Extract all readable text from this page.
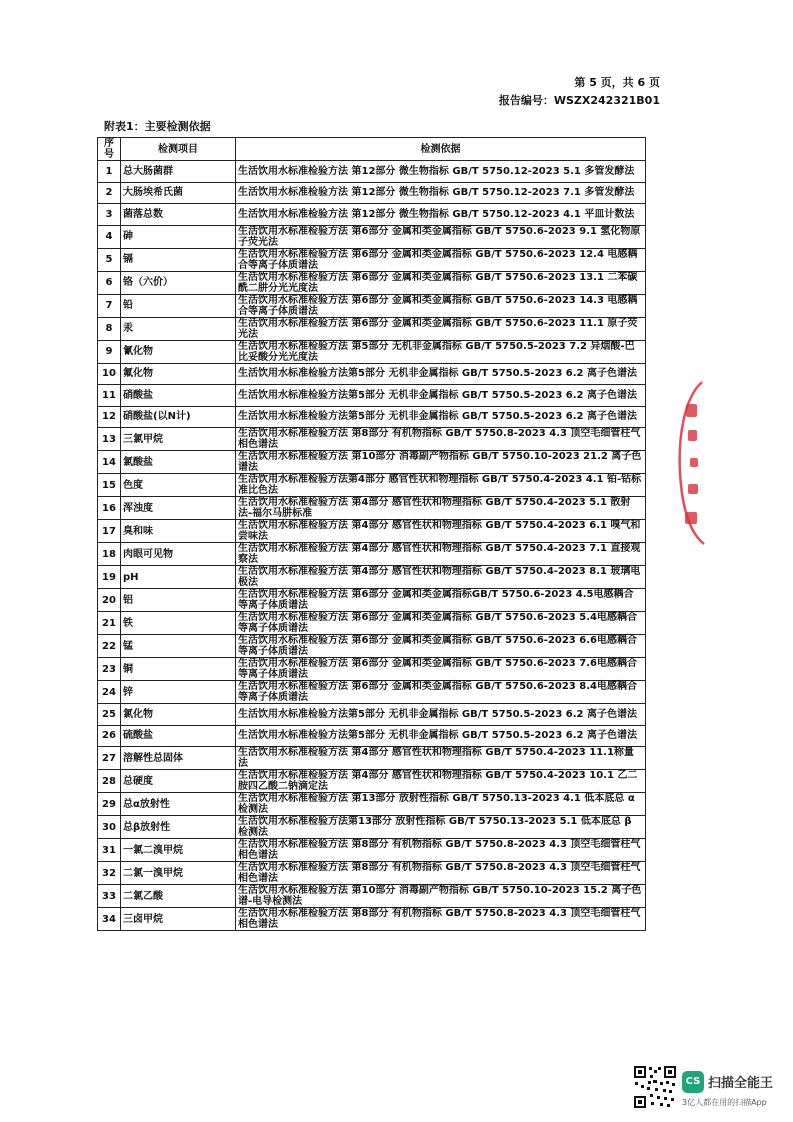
第 5 页，共 6 页
报告编号：WSZX242321B01
附表1：主要检测依据
序号	检测项目	检测依据
1	总大肠菌群	生活饮用水标准检验方法 第12部分 微生物指标 GB/T 5750.12-2023 5.1 多管发酵法
2	大肠埃希氏菌	生活饮用水标准检验方法 第12部分 微生物指标 GB/T 5750.12-2023 7.1 多管发酵法
3	菌落总数	生活饮用水标准检验方法 第12部分 微生物指标 GB/T 5750.12-2023 4.1 平皿计数法
4	砷	生活饮用水标准检验方法 第6部分 金属和类金属指标 GB/T 5750.6-2023 9.1 氢化物原子荧光法
5	镉	生活饮用水标准检验方法 第6部分 金属和类金属指标 GB/T 5750.6-2023 12.4 电感耦合等离子体质谱法
6	铬（六价）	生活饮用水标准检验方法 第6部分 金属和类金属指标 GB/T 5750.6-2023 13.1 二苯碳酰二肼分光光度法
7	铅	生活饮用水标准检验方法 第6部分 金属和类金属指标 GB/T 5750.6-2023 14.3 电感耦合等离子体质谱法
8	汞	生活饮用水标准检验方法 第6部分 金属和类金属指标 GB/T 5750.6-2023 11.1 原子荧光法
9	氰化物	生活饮用水标准检验方法 第5部分 无机非金属指标 GB/T 5750.5-2023 7.2 异烟酸-巴比妥酸分光光度法
10	氟化物	生活饮用水标准检验方法第5部分 无机非金属指标 GB/T 5750.5-2023 6.2 离子色谱法
11	硝酸盐	生活饮用水标准检验方法第5部分 无机非金属指标 GB/T 5750.5-2023 6.2 离子色谱法
12	硝酸盐(以N计)	生活饮用水标准检验方法第5部分 无机非金属指标 GB/T 5750.5-2023 6.2 离子色谱法
13	三氯甲烷	生活饮用水标准检验方法 第8部分 有机物指标 GB/T 5750.8-2023 4.3 顶空毛细管柱气相色谱法
14	氯酸盐	生活饮用水标准检验方法 第10部分 消毒副产物指标 GB/T 5750.10-2023 21.2 离子色谱法
15	色度	生活饮用水标准检验方法第4部分 感官性状和物理指标 GB/T 5750.4-2023 4.1 铂-钴标准比色法
16	浑浊度	生活饮用水标准检验方法 第4部分 感官性状和物理指标 GB/T 5750.4-2023 5.1 散射法-福尔马肼标准
17	臭和味	生活饮用水标准检验方法 第4部分 感官性状和物理指标 GB/T 5750.4-2023 6.1 嗅气和尝味法
18	肉眼可见物	生活饮用水标准检验方法 第4部分 感官性状和物理指标 GB/T 5750.4-2023 7.1 直接观察法
19	pH	生活饮用水标准检验方法 第4部分 感官性状和物理指标 GB/T 5750.4-2023 8.1 玻璃电极法
20	铝	生活饮用水标准检验方法 第6部分 金属和类金属指标GB/T 5750.6-2023 4.5电感耦合等离子体质谱法
21	铁	生活饮用水标准检验方法 第6部分 金属和类金属指标 GB/T 5750.6-2023 5.4电感耦合等离子体质谱法
22	锰	生活饮用水标准检验方法 第6部分 金属和类金属指标 GB/T 5750.6-2023 6.6电感耦合等离子体质谱法
23	铜	生活饮用水标准检验方法 第6部分 金属和类金属指标 GB/T 5750.6-2023 7.6电感耦合等离子体质谱法
24	锌	生活饮用水标准检验方法 第6部分 金属和类金属指标 GB/T 5750.6-2023 8.4电感耦合等离子体质谱法
25	氯化物	生活饮用水标准检验方法第5部分 无机非金属指标 GB/T 5750.5-2023 6.2 离子色谱法
26	硫酸盐	生活饮用水标准检验方法第5部分 无机非金属指标 GB/T 5750.5-2023 6.2 离子色谱法
27	溶解性总固体	生活饮用水标准检验方法 第4部分 感官性状和物理指标 GB/T 5750.4-2023 11.1称量法
28	总硬度	生活饮用水标准检验方法 第4部分 感官性状和物理指标 GB/T 5750.4-2023 10.1 乙二胺四乙酸二钠滴定法
29	总α放射性	生活饮用水标准检验方法 第13部分 放射性指标 GB/T 5750.13-2023 4.1 低本底总 α 检测法
30	总β放射性	生活饮用水标准检验方法第13部分 放射性指标 GB/T 5750.13-2023 5.1 低本底总 β 检测法
31	一氯二溴甲烷	生活饮用水标准检验方法 第8部分 有机物指标 GB/T 5750.8-2023 4.3 顶空毛细管柱气相色谱法
32	二氯一溴甲烷	生活饮用水标准检验方法 第8部分 有机物指标 GB/T 5750.8-2023 4.3 顶空毛细管柱气相色谱法
33	二氯乙酸	生活饮用水标准检验方法 第10部分 消毒副产物指标 GB/T 5750.10-2023 15.2 离子色谱-电导检测法
34	三卤甲烷	生活饮用水标准检验方法 第8部分 有机物指标 GB/T 5750.8-2023 4.3 顶空毛细管柱气相色谱法
CS 扫描全能王
3亿人都在用的扫描App
